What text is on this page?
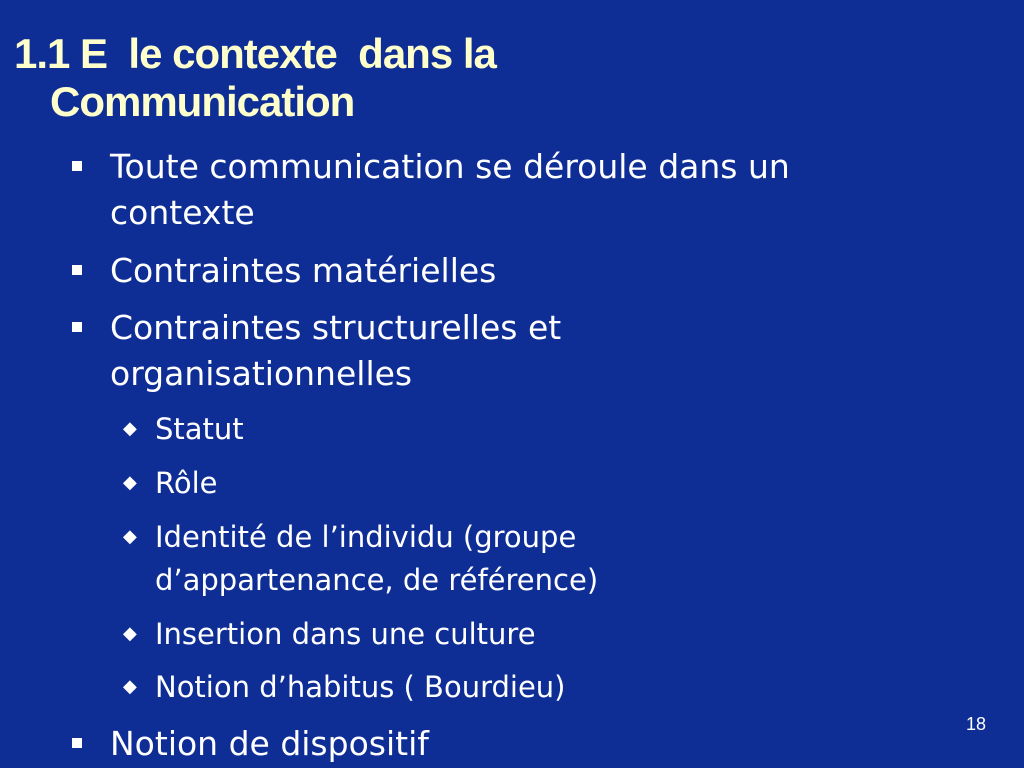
1.1 E  le contexte  dans la
Communication
Toute communication se déroule dans un
contexte
Contraintes matérielles
Contraintes structurelles et
organisationnelles
◆ Statut
◆ Rôle
◆ Identité de l’individu (groupe
d’appartenance, de référence)
◆ Insertion dans une culture
◆ Notion d’habitus ( Bourdieu)
Notion de dispositif	18
